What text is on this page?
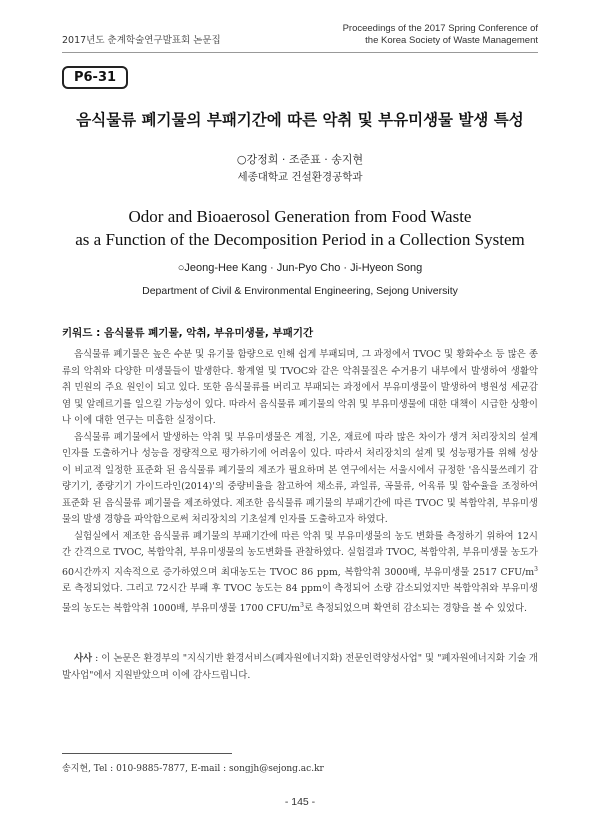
2017년도 춘계학술연구발표회 논문집
Proceedings of the 2017 Spring Conference of
the Korea Society of Waste Management
P6-31
음식물류 폐기물의 부패기간에 따른 악취 및 부유미생물 발생 특성
○강정희 · 조준표 · 송지현
세종대학교 건설환경공학과
Odor and Bioaerosol Generation from Food Waste
as a Function of the Decomposition Period in a Collection System
○Jeong-Hee Kang · Jun-Pyo Cho · Ji-Hyeon Song
Department of Civil & Environmental Engineering, Sejong University
키워드 : 음식물류 폐기물, 악취, 부유미생물, 부패기간

음식물류 폐기물은 높은 수분 및 유기물 함량으로 인해 쉽게 부패되며, 그 과정에서 TVOC 및 황화수소 등 많은 종류의 악취와 다양한 미생물들이 발생한다. 황계열 및 TVOC와 같은 악취물질은 수거용기 내부에서 발생하여 생활악취 민원의 주요 원인이 되고 있다. 또한 음식물류를 버리고 부패되는 과정에서 부유미생물이 발생하여 병원성 세균감염 및 알레르기를 일으킬 가능성이 있다. 따라서 음식물류 폐기물의 악취 및 부유미생물에 대한 대책이 시급한 상황이나 이에 대한 연구는 미흡한 실정이다.

음식물류 폐기물에서 발생하는 악취 및 부유미생물은 계절, 기온, 재료에 따라 많은 차이가 생겨 처리장치의 설계인자를 도출하거나 성능을 정량적으로 평가하기에 어려움이 있다. 따라서 처리장치의 설계 및 성능평가를 위해 성상이 비교적 일정한 표준화 된 음식물류 폐기물의 제조가 필요하며 본 연구에서는 서울시에서 규정한 '음식물쓰레기 감량기기, 종량기기 가이드라인(2014)'의 중량비율을 참고하여 채소류, 과일류, 곡물류, 어육류 및 함수율을 조정하여 표준화 된 음식물류 폐기물을 제조하였다. 제조한 음식물류 폐기물의 부패기간에 따른 TVOC 및 복합악취, 부유미생물의 발생 경향을 파악함으로써 처리장치의 기초설계 인자를 도출하고자 하였다.

실험실에서 제조한 음식물류 폐기물의 부패기간에 따른 악취 및 부유미생물의 농도 변화를 측정하기 위하여 12시간 간격으로 TVOC, 복합악취, 부유미생물의 농도변화를 관찰하였다. 실험결과 TVOC, 복합악취, 부유미생물 농도가 60시간까지 지속적으로 증가하였으며 최대농도는 TVOC 86 ppm, 복합악취 3000배, 부유미생물 2517 CFU/$m^3$로 측정되었다. 그리고 72시간 부패 후 TVOC 농도는 84 ppm이 측정되어 소량 감소되었지만 복합악취와 부유미생물의 농도는 복합악취 1000배, 부유미생물 1700 CFU/$m^3$로 측정되었으며 확연히 감소되는 경향을 볼 수 있었다.

사사 : 이 논문은 환경부의 "지식기반 환경서비스(폐자원에너지화) 전문인력양성사업" 및 "폐자원에너지화 기술 개발사업"에서 지원받았으며 이에 감사드립니다.
송지현, Tel : 010-9885-7877, E-mail : songjh@sejong.ac.kr
- 145 -
